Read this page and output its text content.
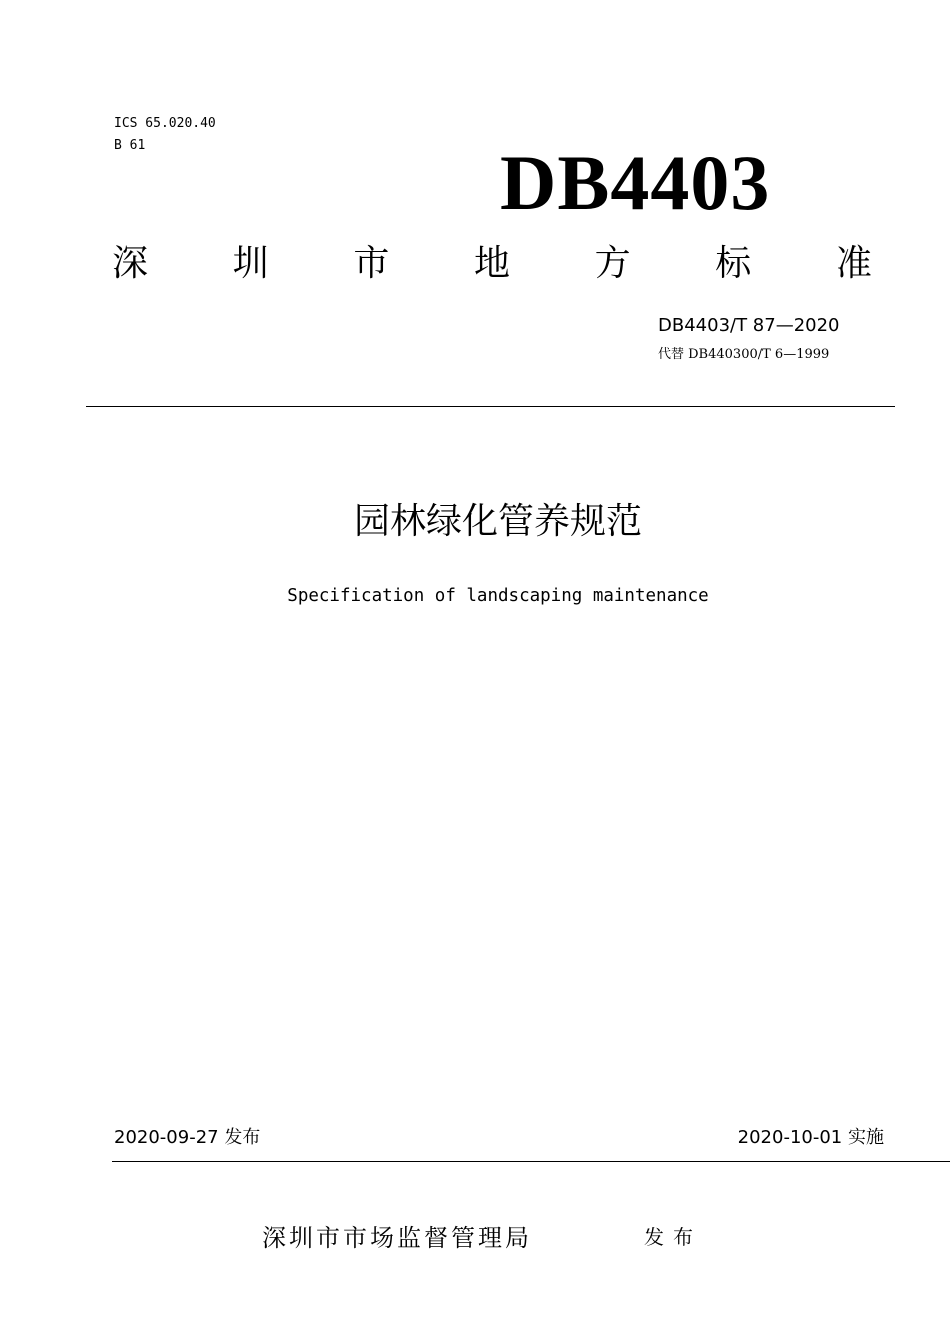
ICS 65.020.40
B 61	DB4403
深 圳 市 地 方 标 准
DB4403/T 87—2020
代替 DB440300/T 6—1999
园林绿化管养规范
Specification of landscaping maintenance
2020-09-27 发布	2020-10-01 实施
深圳市市场监督管理局	发布
